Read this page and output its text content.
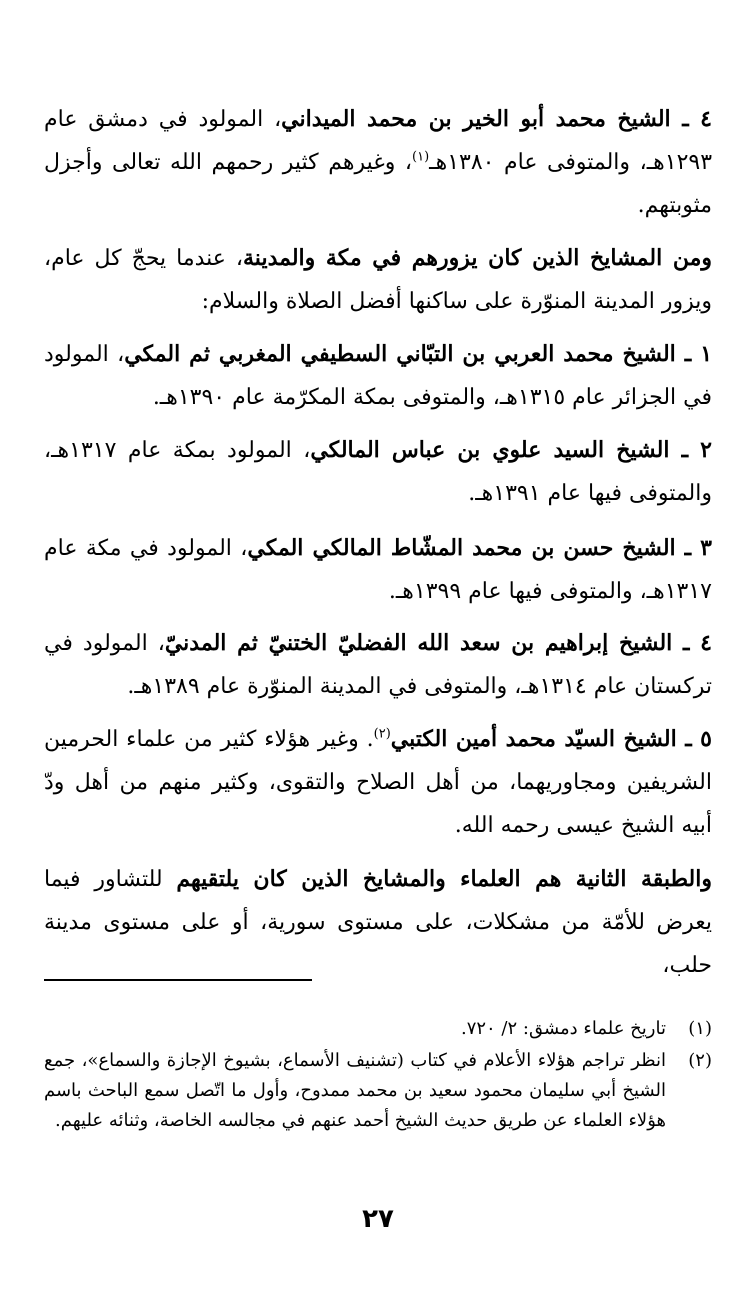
٤ ـ الشيخ محمد أبو الخير بن محمد الميداني، المولود في دمشق عام ١٢٩٣هـ، والمتوفى عام ١٣٨٠هـ$^{(١)}$، وغيرهم كثير رحمهم الله تعالى وأجزل مثوبتهم.
ومن المشايخ الذين كان يزورهم في مكة والمدينة، عندما يحجّ كل عام، ويزور المدينة المنوّرة على ساكنها أفضل الصلاة والسلام:
١ ـ الشيخ محمد العربي بن التبّاني السطيفي المغربي ثم المكي، المولود في الجزائر عام ١٣١٥هـ، والمتوفى بمكة المكرّمة عام ١٣٩٠هـ.
٢ ـ الشيخ السيد علوي بن عباس المالكي، المولود بمكة عام ١٣١٧هـ، والمتوفى فيها عام ١٣٩١هـ.
٣ ـ الشيخ حسن بن محمد المشّاط المالكي المكي، المولود في مكة عام ١٣١٧هـ، والمتوفى فيها عام ١٣٩٩هـ.
٤ ـ الشيخ إبراهيم بن سعد الله الفضليّ الختنيّ ثم المدنيّ، المولود في تركستان عام ١٣١٤هـ، والمتوفى في المدينة المنوّرة عام ١٣٨٩هـ.
٥ ـ الشيخ السيّد محمد أمين الكتبي$^{(٢)}$. وغير هؤلاء كثير من علماء الحرمين الشريفين ومجاوريهما، من أهل الصلاح والتقوى، وكثير منهم من أهل ودّ أبيه الشيخ عيسى رحمه الله.
والطبقة الثانية هم العلماء والمشايخ الذين كان يلتقيهم للتشاور فيما يعرض للأمّة من مشكلات، على مستوى سورية، أو على مستوى مدينة حلب،
(١)
تاريخ علماء دمشق: ٢/ ٧٢٠.
(٢)
انظر تراجم هؤلاء الأعلام في كتاب (تشنيف الأسماع، بشيوخ الإجازة والسماع»، جمع الشيخ أبي سليمان محمود سعيد بن محمد ممدوح، وأول ما اتّصل سمع الباحث باسم هؤلاء العلماء عن طريق حديث الشيخ أحمد عنهم في مجالسه الخاصة، وثنائه عليهم.
٢٧
